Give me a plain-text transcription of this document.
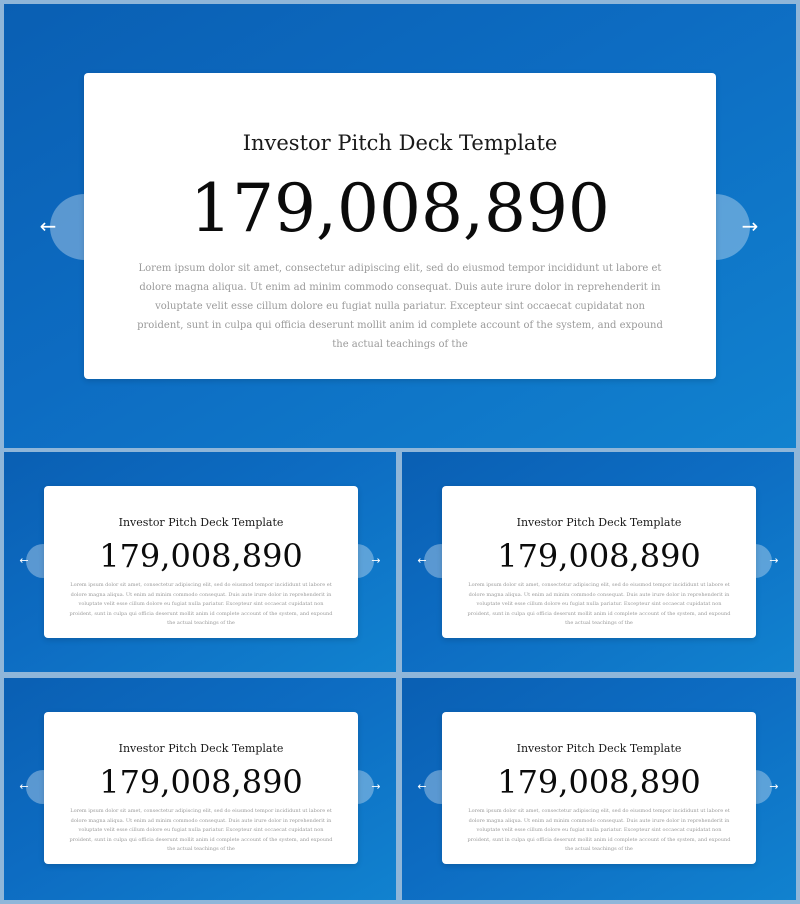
Investor Pitch Deck Template
179,008,890
Lorem ipsum dolor sit amet, consectetur adipiscing elit, sed do eiusmod tempor incididunt ut labore et dolore magna aliqua. Ut enim ad minim commodo consequat. Duis aute irure dolor in reprehenderit in voluptate velit esse cillum dolore eu fugiat nulla pariatur. Excepteur sint occaecat cupidatat non proident, sunt in culpa qui officia deserunt mollit anim id complete account of the system, and expound the actual teachings of the
←	→
Investor Pitch Deck Template
179,008,890
Lorem ipsum dolor sit amet, consectetur adipiscing elit, sed do eiusmod tempor incididunt ut labore et dolore magna aliqua. Ut enim ad minim commodo consequat. Duis aute irure dolor in reprehenderit in voluptate velit esse cillum dolore eu fugiat nulla pariatur. Excepteur sint occaecat cupidatat non proident, sunt in culpa qui officia deserunt mollit anim id complete account of the system, and expound the actual teachings of the
←	→
Investor Pitch Deck Template
179,008,890
Lorem ipsum dolor sit amet, consectetur adipiscing elit, sed do eiusmod tempor incididunt ut labore et dolore magna aliqua. Ut enim ad minim commodo consequat. Duis aute irure dolor in reprehenderit in voluptate velit esse cillum dolore eu fugiat nulla pariatur. Excepteur sint occaecat cupidatat non proident, sunt in culpa qui officia deserunt mollit anim id complete account of the system, and expound the actual teachings of the
←	→
Investor Pitch Deck Template
179,008,890
Lorem ipsum dolor sit amet, consectetur adipiscing elit, sed do eiusmod tempor incididunt ut labore et dolore magna aliqua. Ut enim ad minim commodo consequat. Duis aute irure dolor in reprehenderit in voluptate velit esse cillum dolore eu fugiat nulla pariatur. Excepteur sint occaecat cupidatat non proident, sunt in culpa qui officia deserunt mollit anim id complete account of the system, and expound the actual teachings of the
←	→
Investor Pitch Deck Template
179,008,890
Lorem ipsum dolor sit amet, consectetur adipiscing elit, sed do eiusmod tempor incididunt ut labore et dolore magna aliqua. Ut enim ad minim commodo consequat. Duis aute irure dolor in reprehenderit in voluptate velit esse cillum dolore eu fugiat nulla pariatur. Excepteur sint occaecat cupidatat non proident, sunt in culpa qui officia deserunt mollit anim id complete account of the system, and expound the actual teachings of the
←	→
